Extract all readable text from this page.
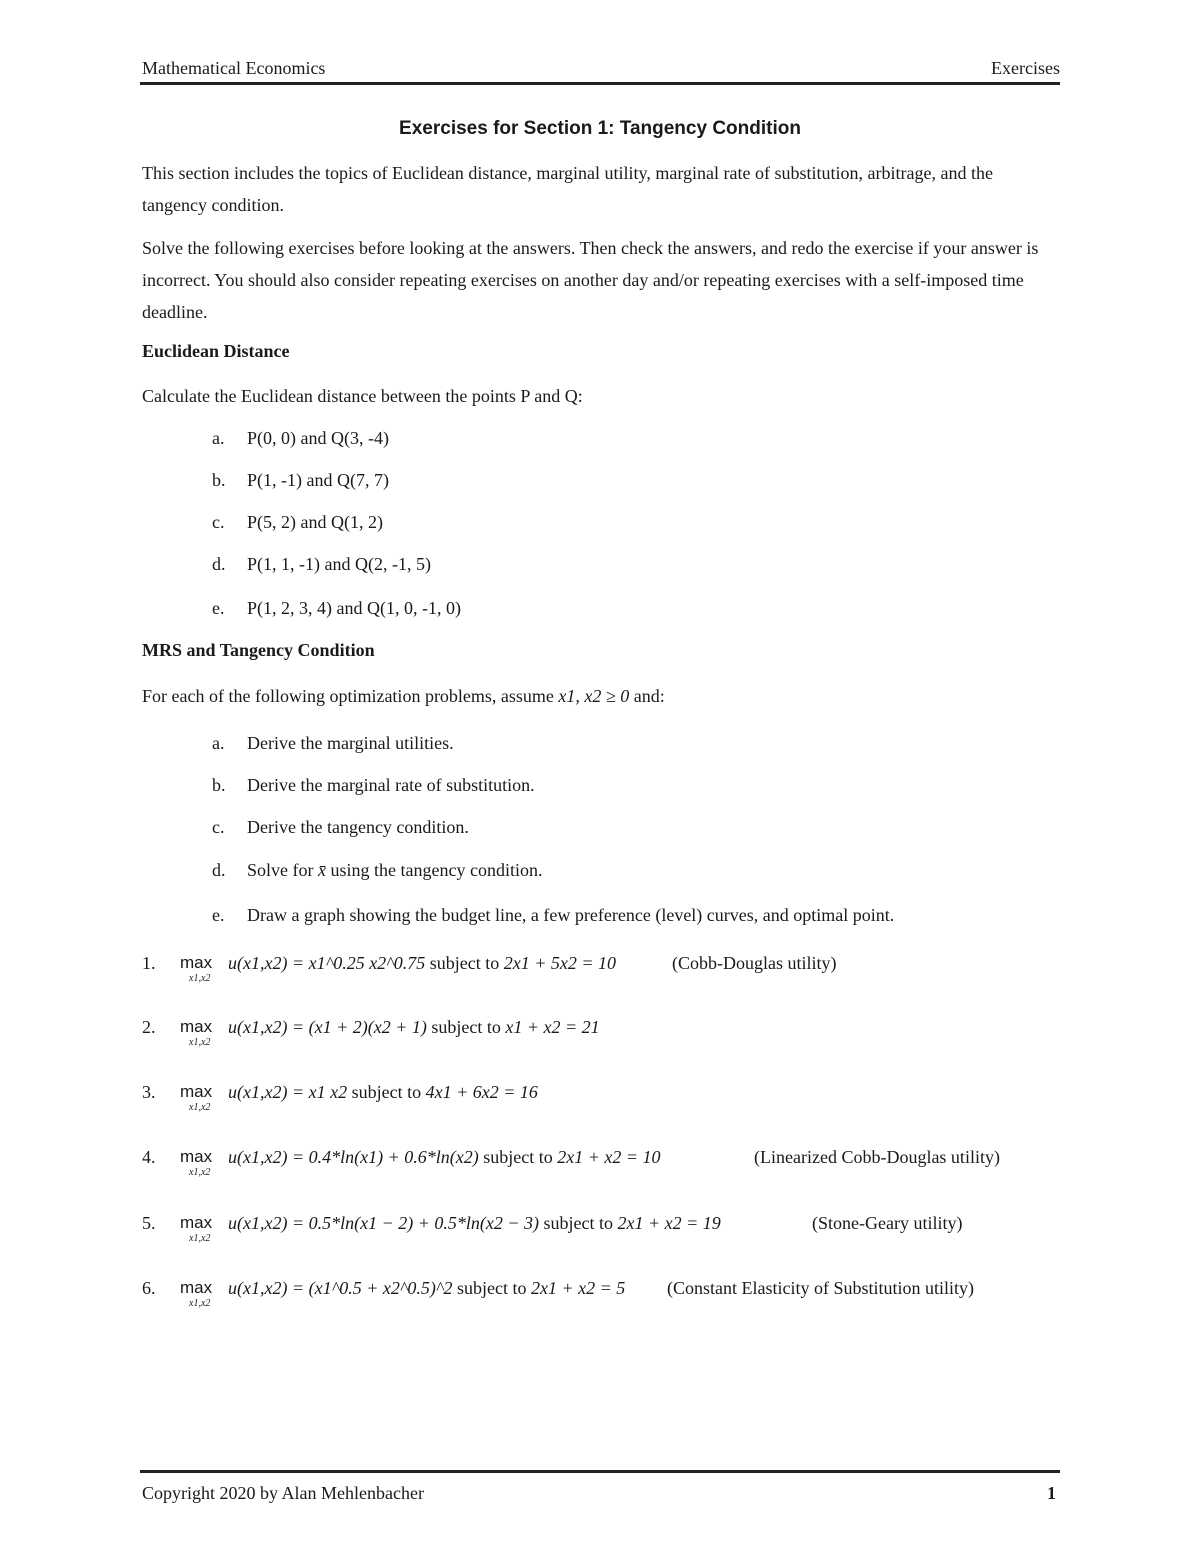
Mathematical Economics	Exercises
Exercises for Section 1: Tangency Condition
This section includes the topics of Euclidean distance, marginal utility, marginal rate of substitution, arbitrage, and the tangency condition.
Solve the following exercises before looking at the answers. Then check the answers, and redo the exercise if your answer is incorrect. You should also consider repeating exercises on another day and/or repeating exercises with a self-imposed time deadline.
Euclidean Distance
Calculate the Euclidean distance between the points P and Q:
a. P(0, 0) and Q(3, -4)
b. P(1, -1) and Q(7, 7)
c. P(5, 2) and Q(1, 2)
d. P(1, 1, -1) and Q(2, -1, 5)
e. P(1, 2, 3, 4) and Q(1, 0, -1, 0)
MRS and Tangency Condition
For each of the following optimization problems, assume x1, x2 ≥ 0 and:
a. Derive the marginal utilities.
b. Derive the marginal rate of substitution.
c. Derive the tangency condition.
d. Solve for x̄ using the tangency condition.
e. Draw a graph showing the budget line, a few preference (level) curves, and optimal point.
1. max
x1,x2
u(x1,x2) = x1^0.25 x2^0.75 subject to 2x1 + 5x2 = 10	(Cobb-Douglas utility)
2. max
x1,x2
u(x1,x2) = (x1 + 2)(x2 + 1) subject to x1 + x2 = 21
3. max
x1,x2
u(x1,x2) = x1 x2 subject to 4x1 + 6x2 = 16
4. max
x1,x2
u(x1,x2) = 0.4*ln(x1) + 0.6*ln(x2) subject to 2x1 + x2 = 10	(Linearized Cobb-Douglas utility)
5. max
x1,x2
u(x1,x2) = 0.5*ln(x1 − 2) + 0.5*ln(x2 − 3) subject to 2x1 + x2 = 19	(Stone-Geary utility)
6. max
x1,x2
u(x1,x2) = (x1^0.5 + x2^0.5)^2 subject to 2x1 + x2 = 5 (Constant Elasticity of Substitution utility)
Copyright 2020 by Alan Mehlenbacher	1
